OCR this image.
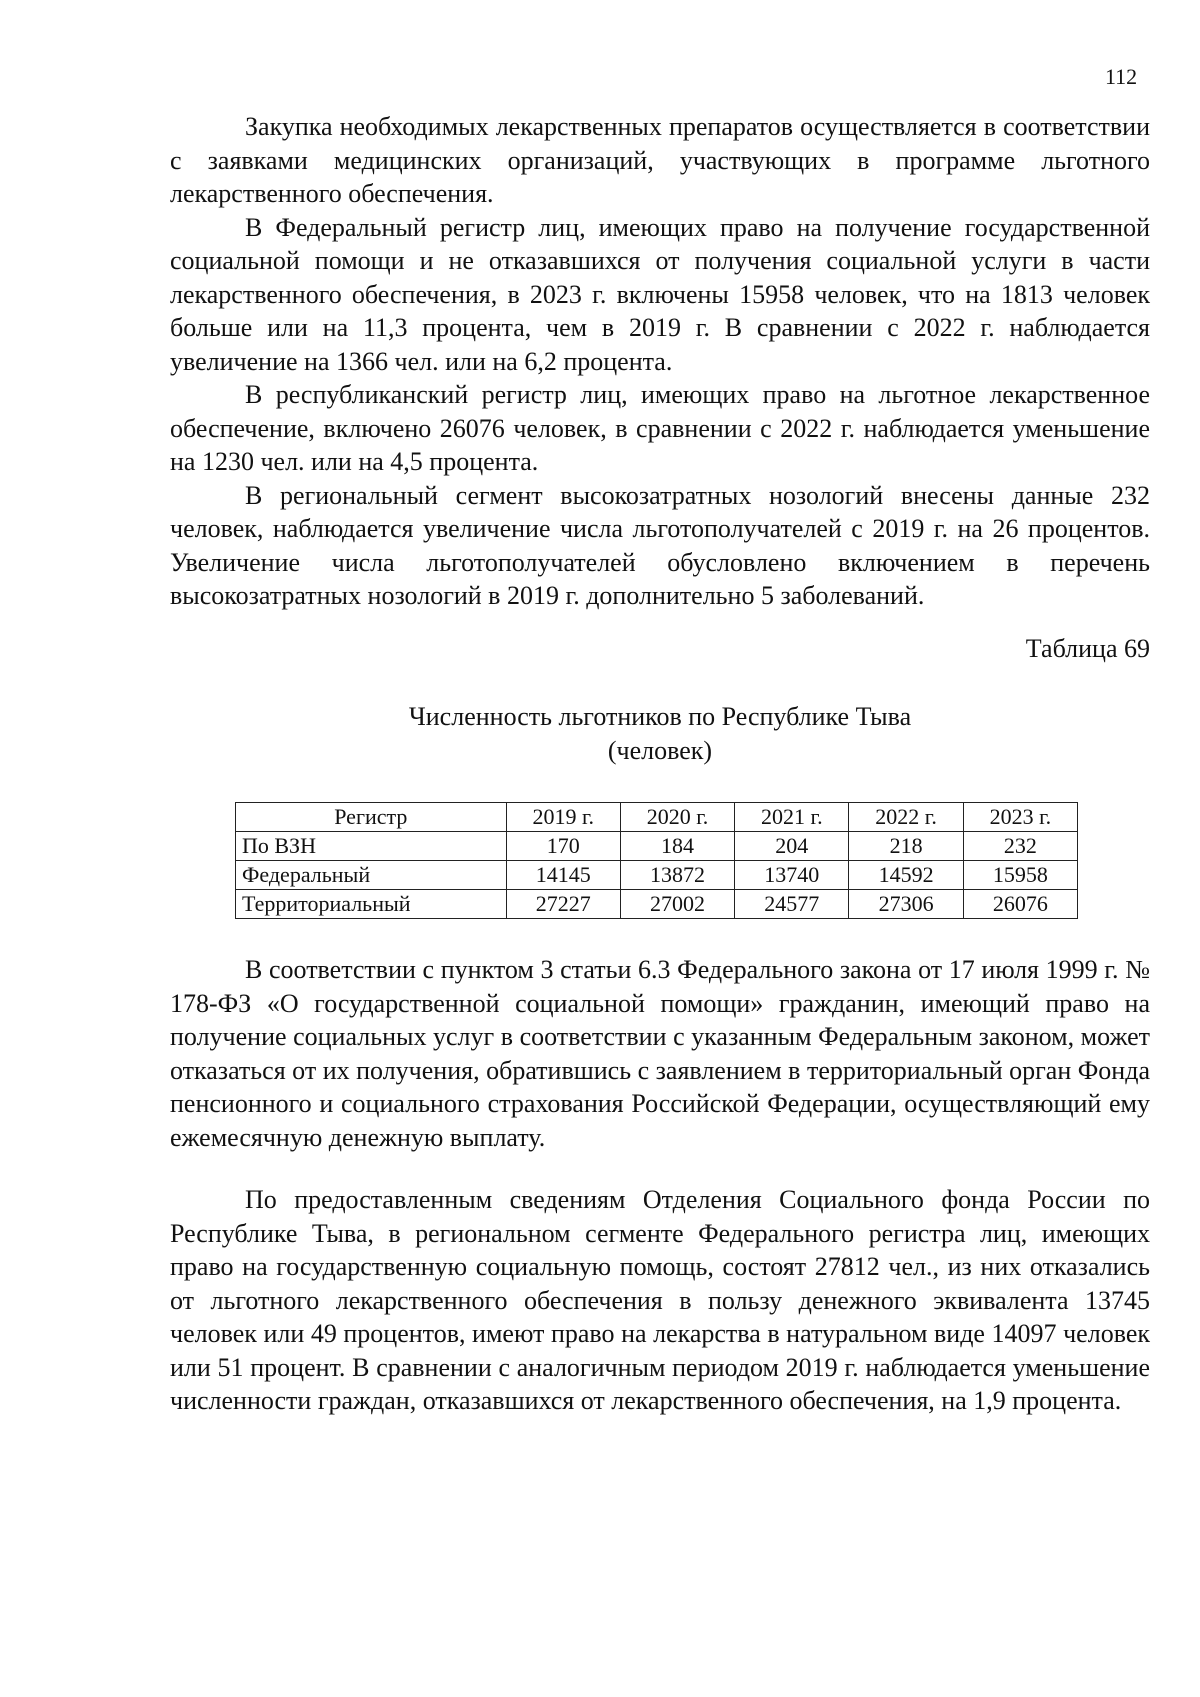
112

Закупка необходимых лекарственных препаратов осуществляется в соответствии с заявками медицинских организаций, участвующих в программе льготного лекарственного обеспечения.

В Федеральный регистр лиц, имеющих право на получение государственной социальной помощи и не отказавшихся от получения социальной услуги в части лекарственного обеспечения, в 2023 г. включены 15958 человек, что на 1813 человек больше или на 11,3 процента, чем в 2019 г. В сравнении с 2022 г. наблюдается увеличение на 1366 чел. или на 6,2 процента.

В республиканский регистр лиц, имеющих право на льготное лекарственное обеспечение, включено 26076 человек, в сравнении с 2022 г. наблюдается уменьшение на 1230 чел. или на 4,5 процента.

В региональный сегмент высокозатратных нозологий внесены данные 232 человек, наблюдается увеличение числа льготополучателей с 2019 г. на 26 процентов. Увеличение числа льготополучателей обусловлено включением в перечень высокозатратных нозологий в 2019 г. дополнительно 5 заболеваний.

Таблица 69
Численность льготников по Республике Тыва
(человек)
Регистр	2019 г.	2020 г.	2021 г.	2022 г.	2023 г.
По ВЗН	170	184	204	218	232
Федеральный	14145	13872	13740	14592	15958
Территориальный	27227	27002	24577	27306	26076

В соответствии с пунктом 3 статьи 6.3 Федерального закона от 17 июля 1999 г. № 178-ФЗ «О государственной социальной помощи» гражданин, имеющий право на получение социальных услуг в соответствии с указанным Федеральным законом, может отказаться от их получения, обратившись с заявлением в территориальный орган Фонда пенсионного и социального страхования Российской Федерации, осуществляющий ему ежемесячную денежную выплату.

По предоставленным сведениям Отделения Социального фонда России по Республике Тыва, в региональном сегменте Федерального регистра лиц, имеющих право на государственную социальную помощь, состоят 27812 чел., из них отказались от льготного лекарственного обеспечения в пользу денежного эквивалента 13745 человек или 49 процентов, имеют право на лекарства в натуральном виде 14097 человек или 51 процент. В сравнении с аналогичным периодом 2019 г. наблюдается уменьшение численности граждан, отказавшихся от лекарственного обеспечения, на 1,9 процента.
